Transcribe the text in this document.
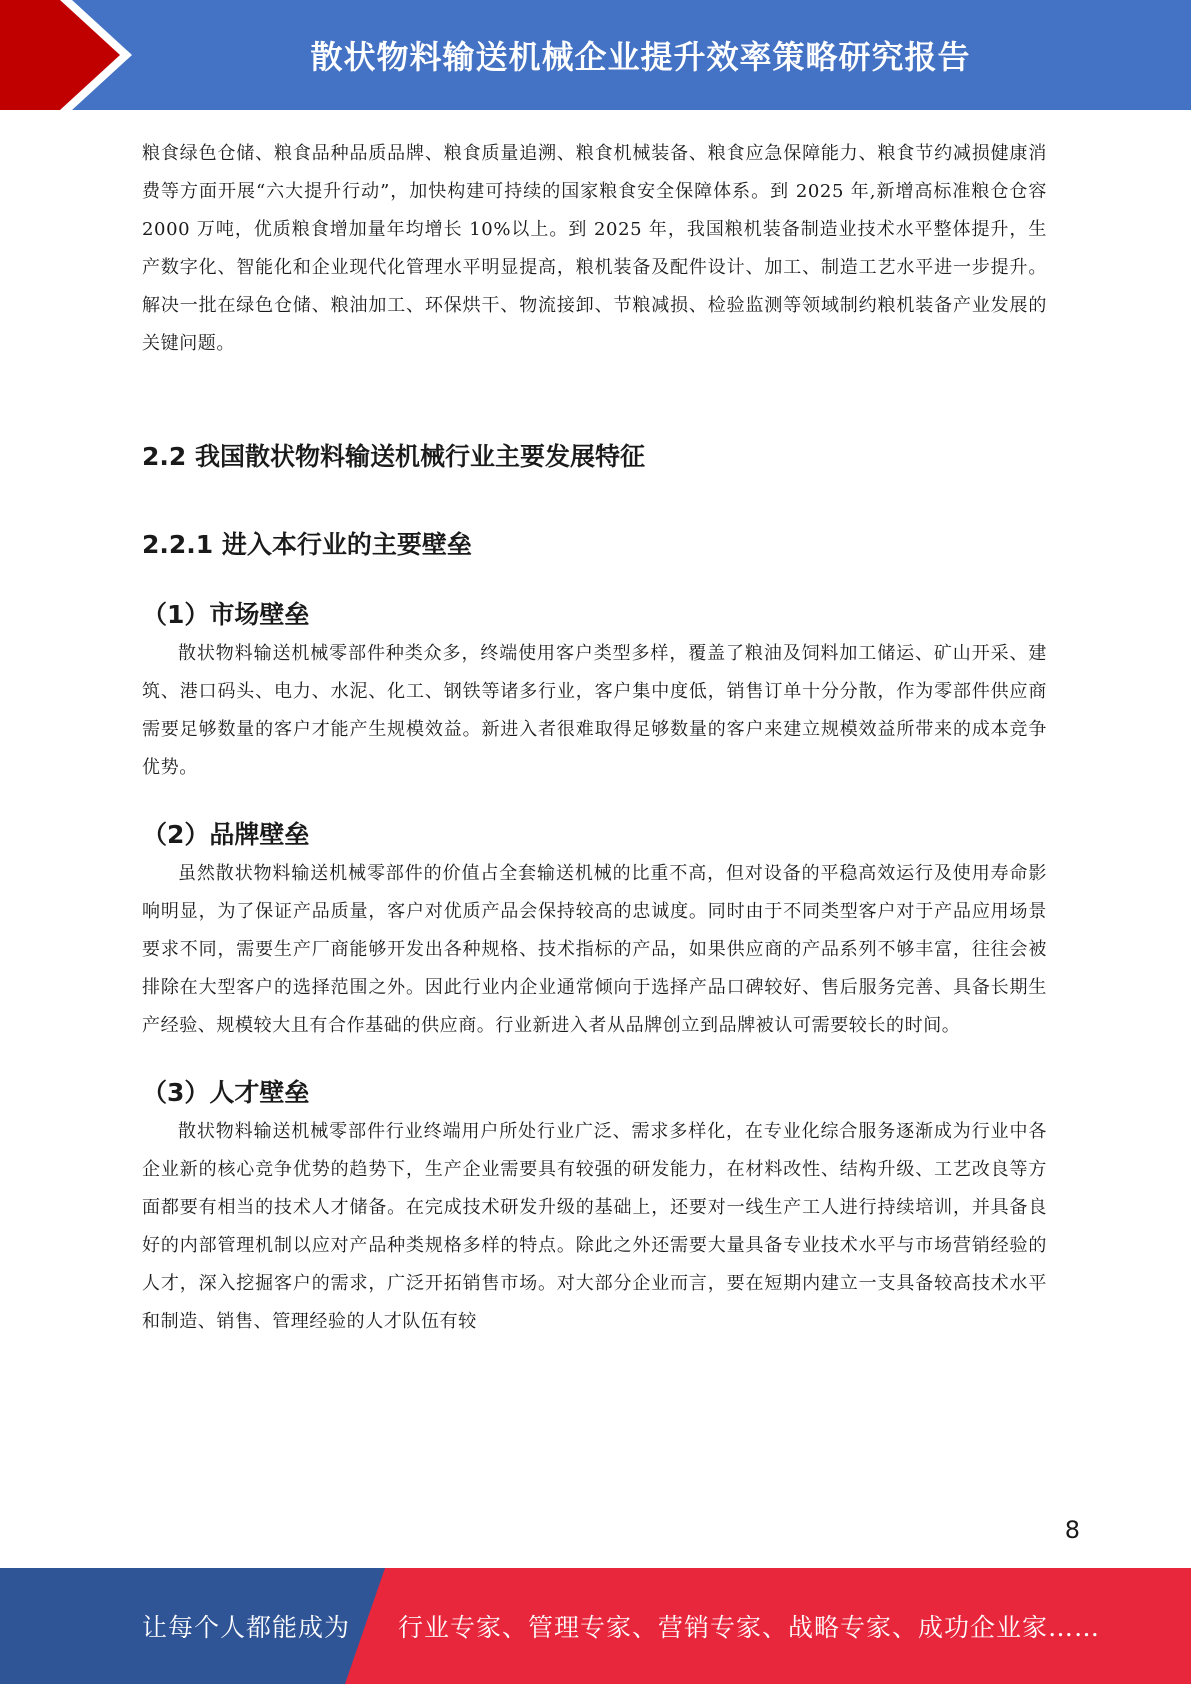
散状物料输送机械企业提升效率策略研究报告

粮食绿色仓储、粮食品种品质品牌、粮食质量追溯、粮食机械装备、粮食应急保障能力、粮食节约减损健康消费等方面开展“六大提升行动”，加快构建可持续的国家粮食安全保障体系。到 2025 年,新增高标准粮仓仓容 2000 万吨，优质粮食增加量年均增长 10%以上。到 2025 年，我国粮机装备制造业技术水平整体提升，生产数字化、智能化和企业现代化管理水平明显提高，粮机装备及配件设计、加工、制造工艺水平进一步提升。解决一批在绿色仓储、粮油加工、环保烘干、物流接卸、节粮减损、检验监测等领域制约粮机装备产业发展的关键问题。

2.2 我国散状物料输送机械行业主要发展特征
2.2.1 进入本行业的主要壁垒
（1）市场壁垒

散状物料输送机械零部件种类众多，终端使用客户类型多样，覆盖了粮油及饲料加工储运、矿山开采、建筑、港口码头、电力、水泥、化工、钢铁等诸多行业，客户集中度低，销售订单十分分散，作为零部件供应商需要足够数量的客户才能产生规模效益。新进入者很难取得足够数量的客户来建立规模效益所带来的成本竞争优势。

（2）品牌壁垒

虽然散状物料输送机械零部件的价值占全套输送机械的比重不高，但对设备的平稳高效运行及使用寿命影响明显，为了保证产品质量，客户对优质产品会保持较高的忠诚度。同时由于不同类型客户对于产品应用场景要求不同，需要生产厂商能够开发出各种规格、技术指标的产品，如果供应商的产品系列不够丰富，往往会被排除在大型客户的选择范围之外。因此行业内企业通常倾向于选择产品口碑较好、售后服务完善、具备长期生产经验、规模较大且有合作基础的供应商。行业新进入者从品牌创立到品牌被认可需要较长的时间。

（3）人才壁垒

散状物料输送机械零部件行业终端用户所处行业广泛、需求多样化，在专业化综合服务逐渐成为行业中各企业新的核心竞争优势的趋势下，生产企业需要具有较强的研发能力，在材料改性、结构升级、工艺改良等方面都要有相当的技术人才储备。在完成技术研发升级的基础上，还要对一线生产工人进行持续培训，并具备良好的内部管理机制以应对产品种类规格多样的特点。除此之外还需要大量具备专业技术水平与市场营销经验的人才，深入挖掘客户的需求，广泛开拓销售市场。对大部分企业而言，要在短期内建立一支具备较高技术水平和制造、销售、管理经验的人才队伍有较

8
让每个人都能成为 行业专家、管理专家、营销专家、战略专家、成功企业家……
